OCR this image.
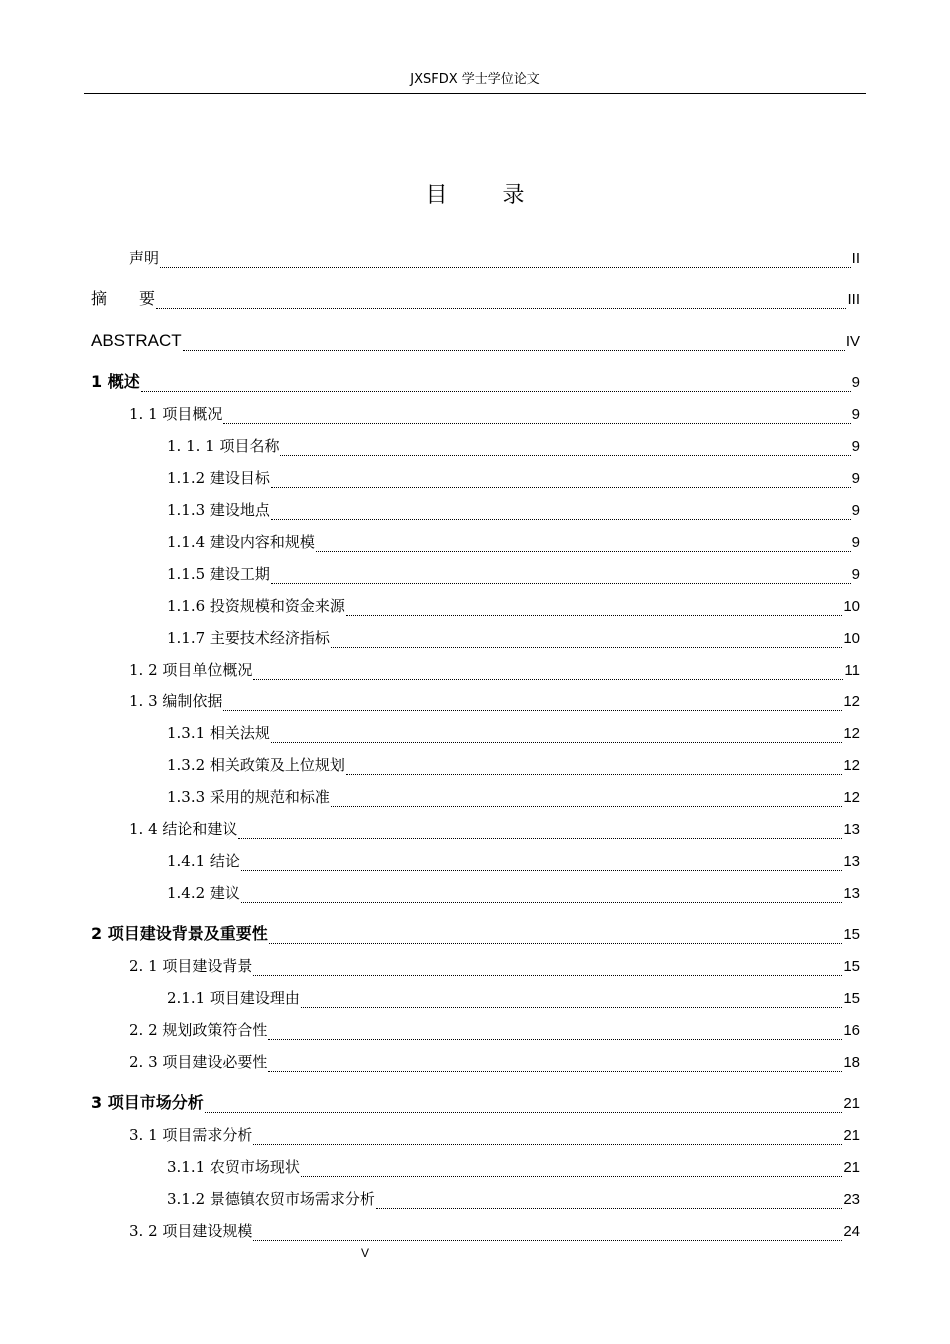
JXSFDX 学士学位论文
目	录
声明	II
摘　　要	III
ABSTRACT	IV
1 概述	9
1. 1 项目概况	9
1. 1. 1 项目名称	9
1.1.2 建设目标	9
1.1.3 建设地点	9
1.1.4 建设内容和规模	9
1.1.5 建设工期	9
1.1.6 投资规模和资金来源	10
1.1.7 主要技术经济指标	10
1. 2 项目单位概况	11
1. 3 编制依据	12
1.3.1 相关法规	12
1.3.2 相关政策及上位规划	12
1.3.3 采用的规范和标准	12
1. 4 结论和建议	13
1.4.1 结论	13
1.4.2 建议	13
2 项目建设背景及重要性	15
2. 1 项目建设背景	15
2.1.1 项目建设理由	15
2. 2 规划政策符合性	16
2. 3 项目建设必要性	18
3 项目市场分析	21
3. 1 项目需求分析	21
3.1.1 农贸市场现状	21
3.1.2 景德镇农贸市场需求分析	23
3. 2 项目建设规模	24
V
